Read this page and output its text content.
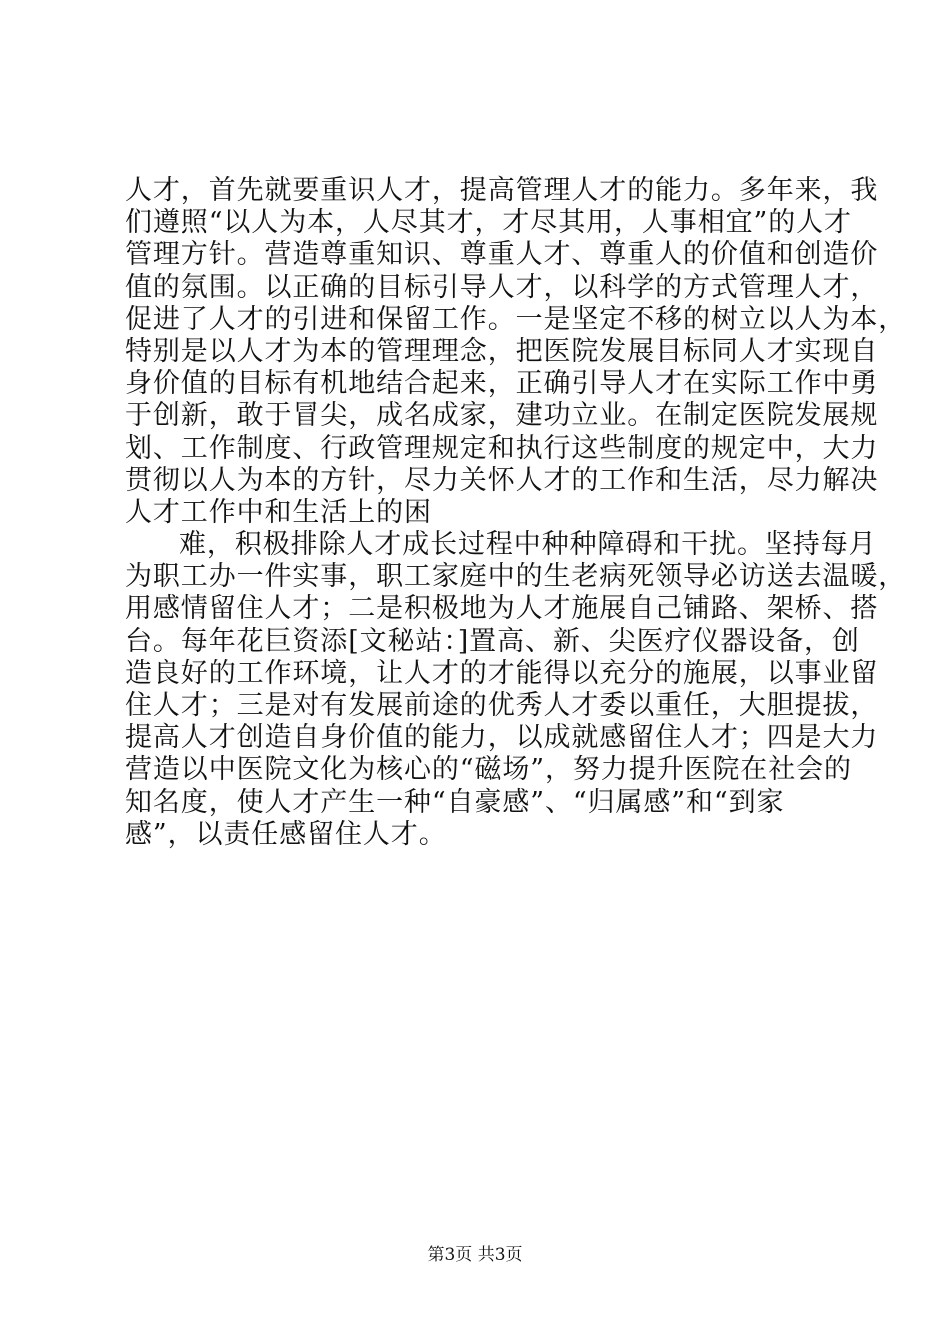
人才，首先就要重识人才，提高管理人才的能力。多年来，我
们遵照“以人为本，人尽其才，才尽其用，人事相宜”的人才
管理方针。营造尊重知识、尊重人才、尊重人的价值和创造价
值的氛围。以正确的目标引导人才，以科学的方式管理人才，
促进了人才的引进和保留工作。一是坚定不移的树立以人为本，
特别是以人才为本的管理理念，把医院发展目标同人才实现自
身价值的目标有机地结合起来，正确引导人才在实际工作中勇
于创新，敢于冒尖，成名成家，建功立业。在制定医院发展规
划、工作制度、行政管理规定和执行这些制度的规定中，大力
贯彻以人为本的方针，尽力关怀人才的工作和生活，尽力解决
人才工作中和生活上的困
难，积极排除人才成长过程中种种障碍和干扰。坚持每月
为职工办一件实事，职工家庭中的生老病死领导必访送去温暖，
用感情留住人才；二是积极地为人才施展自己铺路、架桥、搭
台。每年花巨资添[文秘站：]置高、新、尖医疗仪器设备，创
造良好的工作环境，让人才的才能得以充分的施展，以事业留
住人才；三是对有发展前途的优秀人才委以重任，大胆提拔，
提高人才创造自身价值的能力，以成就感留住人才；四是大力
营造以中医院文化为核心的“磁场”，努力提升医院在社会的
知名度，使人才产生一种“自豪感”、“归属感”和“到家
感”，以责任感留住人才。
第3页 共3页
